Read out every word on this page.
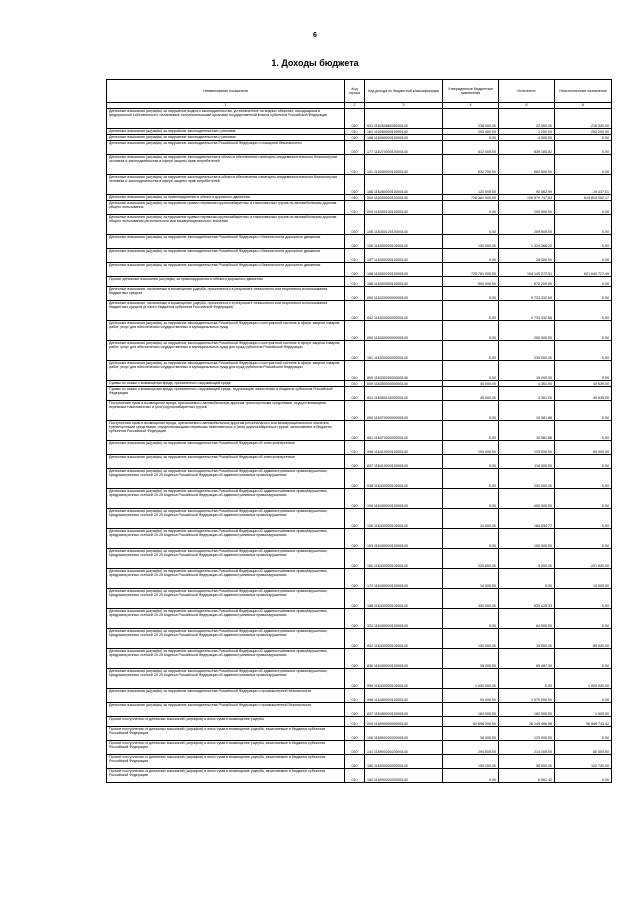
6
1. Доходы бюджета
Наименование показателя	Код строки	Код дохода по бюджетной классификации	Утвержденные бюджетные назначения	Исполнено	Неисполненные назначения
1	2	3	4	5	6
Денежные взыскания (штрафы) за нарушение водного законодательства, установленное на водных объектах, находящихся в федеральной собственности, налагаемые исполнительными органами государственной власти субъектов Российской Федерации	010	631 11625086026000140	238 000,00	22 000,00	216 000,00
Денежные взыскания (штрафы) за нарушение законодательства о рекламе	010	161 11626000010000140	293 400,00	1 200,00	292 200,00
Денежные взыскания (штрафы) за нарушение законодательства о рекламе	010	188 11626000010000140	0,00	4 500,00	0,00
Денежные взыскания (штрафы) за нарушение законодательства Российской Федерации о пожарной безопасности	010	177 11627000010000140	612 000,00	839 185,82	0,00
Денежные взыскания (штрафы) за нарушение законодательства в области обеспечения санитарно-эпидемиологического благополучия человека и законодательства в сфере защиты прав потребителей	010	141 11628000010000140	632 700,00	862 500,00	0,00
Денежные взыскания (штрафы) за нарушение законодательства в области обеспечения санитарно-эпидемиологического благополучия человека и законодательства в сфере защиты прав потребителей	010	188 11628000010000140	120 000,00	90 562,99	29 437,01
Денежные взыскания (штрафы) за правонарушения в области дорожного движения	010	000 11630000010000140	726 381 000,00	106 570 747,83	619 810 252,17
Денежные взыскания (штрафы) за нарушение правил перевозки крупногабаритных и тяжеловесных грузов по автомобильным дорогам общего пользования	010	000 11630010010000140	0,00	209 500,00	0,00
Денежные взыскания (штрафы) за нарушение правил перевозки крупногабаритных и тяжеловесных грузов по автомобильным дорогам общего пользования регионального или межмуниципального значения	010	106 11630012010000140	0,00	209 500,00	0,00
Денежные взыскания (штрафы) за нарушение законодательства Российской Федерации о безопасности дорожного движения	010	106 11630020010000140	100 000,00	1 324 366,22	0,00
Денежные взыскания (штрафы) за нарушение законодательства Российской Федерации о безопасности дорожного движения	010	187 11630020010000140	0,00	28 400,00	0,00
Денежные взыскания (штрафы) за нарушение законодательства Российской Федерации о безопасности дорожного движения	010	188 11630020010000140	725 781 000,00	104 140 272,51	621 640 727,49
Прочие денежные взыскания (штрафы) за правонарушения в области дорожного движения	010	188 11630030010000140	500 000,00	870 209,00	0,00
Денежные взыскания, налагаемые в возмещение ущерба, причиненного в результате незаконного или нецелевого использования бюджетных средств	010	000 11632000000000140	0,00	9 733 332,65	0,00
Денежные взыскания, налагаемые в возмещение ущерба, причиненного в результате незаконного или нецелевого использования бюджетных средств (в части бюджетов субъектов Российской Федерации)	010	842 11632000020000140	0,00	9 733 332,65	0,00
Денежные взыскания (штрафы) за нарушение законодательства Российской Федерации о контрактной системе в сфере закупок товаров, работ, услуг для обеспечения государственных и муниципальных нужд	010	000 11633000000000140	0,00	250 000,00	0,00
Денежные взыскания (штрафы) за нарушение законодательства Российской Федерации о контрактной системе в сфере закупок товаров, работ, услуг для обеспечения государственных и муниципальных нужд для нужд субъектов Российской Федерации	010	161 11633020020000140	0,00	235 000,00	0,00
Денежные взыскания (штрафы) за нарушение законодательства Российской Федерации о контрактной системе в сфере закупок товаров, работ, услуг для обеспечения государственных и муниципальных нужд для нужд субъектов Российской Федерации	010	859 11633020020000140	0,00	15 000,00	0,00
Суммы по искам о возмещении вреда, причиненного окружающей среде	010	000 11635000000000140	45 000,00	4 361,00	40 639,00
Суммы по искам о возмещении вреда, причиненного окружающей среде, подлежащие зачислению в бюджеты субъектов Российской Федерации	010	831 11635010020000140	45 000,00	4 361,00	40 639,00
Поступления сумм в возмещение вреда, причиняемого автомобильным дорогам транспортными средствами, осуществляющими перевозки тяжеловесных и (или) крупногабаритных грузов	010	000 11637000000000140	0,00	10 981,88	0,00
Поступления сумм в возмещение вреда, причиняемого автомобильным дорогам регионального или межмуниципального значения транспортными средствами, осуществляющими перевозки тяжеловесных и (или) крупногабаритных грузов, зачисляемые в бюджеты субъектов Российской Федерации	010	861 11637020020000140	0,00	10 981,88	0,00
Денежные взыскания (штрафы) за нарушение законодательства Российской Федерации об электроэнергетике	010	498 11641000010000140	193 000,00	133 000,00	60 000,00
Денежные взыскания (штрафы) за нарушение законодательства Российской Федерации об электроэнергетике	010	837 11641000010000140	0,00	118 500,00	0,00
Денежные взыскания (штрафы) за нарушение законодательства Российской Федерации об административных правонарушениях, предусмотренные статьей 20.25 Кодекса Российской Федерации об административных правонарушениях	010	048 11643000010000140	0,00	200 000,00	0,00
Денежные взыскания (штрафы) за нарушение законодательства Российской Федерации об административных правонарушениях, предусмотренные статьей 20.25 Кодекса Российской Федерации об административных правонарушениях	010	100 11643000010000140	0,00	-450 000,00	0,00
Денежные взыскания (штрафы) за нарушение законодательства Российской Федерации об административных правонарушениях, предусмотренные статьей 20.25 Кодекса Российской Федерации об административных правонарушениях	010	106 11643000010000140	24 000,00	184 534,77	0,00
Денежные взыскания (штрафы) за нарушение законодательства Российской Федерации об административных правонарушениях, предусмотренные статьей 20.25 Кодекса Российской Федерации об административных правонарушениях	010	153 11643000010000140	0,00	150 000,00	0,00
Денежные взыскания (штрафы) за нарушение законодательства Российской Федерации об административных правонарушениях, предусмотренные статьей 20.25 Кодекса Российской Федерации об административных правонарушениях	010	160 11643000010000140	226 600,00	5 000,00	221 600,00
Денежные взыскания (штрафы) за нарушение законодательства Российской Федерации об административных правонарушениях, предусмотренные статьей 20.25 Кодекса Российской Федерации об административных правонарушениях	010	172 11643000010000140	10 000,00	0,00	10 000,00
Денежные взыскания (штрафы) за нарушение законодательства Российской Федерации об административных правонарушениях, предусмотренные статьей 20.25 Кодекса Российской Федерации об административных правонарушениях	010	188 11643000010000140	300 000,00	533 425,33	0,00
Денежные взыскания (штрафы) за нарушение законодательства Российской Федерации об административных правонарушениях, предусмотренные статьей 20.25 Кодекса Российской Федерации об административных правонарушениях	010	322 11643000010000140	0,00	64 500,00	0,00
Денежные взыскания (штрафы) за нарушение законодательства Российской Федерации об административных правонарушениях, предусмотренные статьей 20.25 Кодекса Российской Федерации об административных правонарушениях	010	832 11643000010000140	100 000,00	15 000,00	85 000,00
Денежные взыскания (штрафы) за нарушение законодательства Российской Федерации об административных правонарушениях, предусмотренные статьей 20.25 Кодекса Российской Федерации об административных правонарушениях	010	836 11643000010000140	35 000,00	85 487,30	0,00
Денежные взыскания (штрафы) за нарушение законодательства Российской Федерации об административных правонарушениях, предусмотренные статьей 20.25 Кодекса Российской Федерации об административных правонарушениях	010	999 11643000010000140	1 000 000,00	0,00	1 000 000,00
Денежные взыскания (штрафы) за нарушение законодательства Российской Федерации о промышленной безопасности	010	498 11645000010000140	93 000,00	1 570 000,00	0,00
Денежные взыскания (штрафы) за нарушение законодательства Российской Федерации о промышленной безопасности	010	837 11645000010000140	184 000,00	182 500,00	1 500,00
Прочие поступления от денежных взысканий (штрафов) и иных сумм в возмещение ущерба	010	000 11690000000000140	62 696 200,00	26 149 456,58	36 546 743,42
Прочие поступления от денежных взысканий (штрафов) и иных сумм в возмещение ущерба, зачисляемые в бюджеты субъектов Российской Федерации	010	106 11690020020000140	38 000,00	125 000,00	0,00
Прочие поступления от денежных взысканий (штрафов) и иных сумм в возмещение ущерба, зачисляемые в бюджеты субъектов Российской Федерации	010	141 11690020020000140	294 500,00	214 000,00	80 500,00
Прочие поступления от денежных взысканий (штрафов) и иных сумм в возмещение ущерба, зачисляемые в бюджеты субъектов Российской Федерации	010	180 11690020020000140	199 200,00	96 500,00	102 700,00
Прочие поступления от денежных взысканий (штрафов) и иных сумм в возмещение ущерба, зачисляемые в бюджеты субъектов Российской Федерации	010	182 11690020020000140	0,00	6 961,42	0,00
